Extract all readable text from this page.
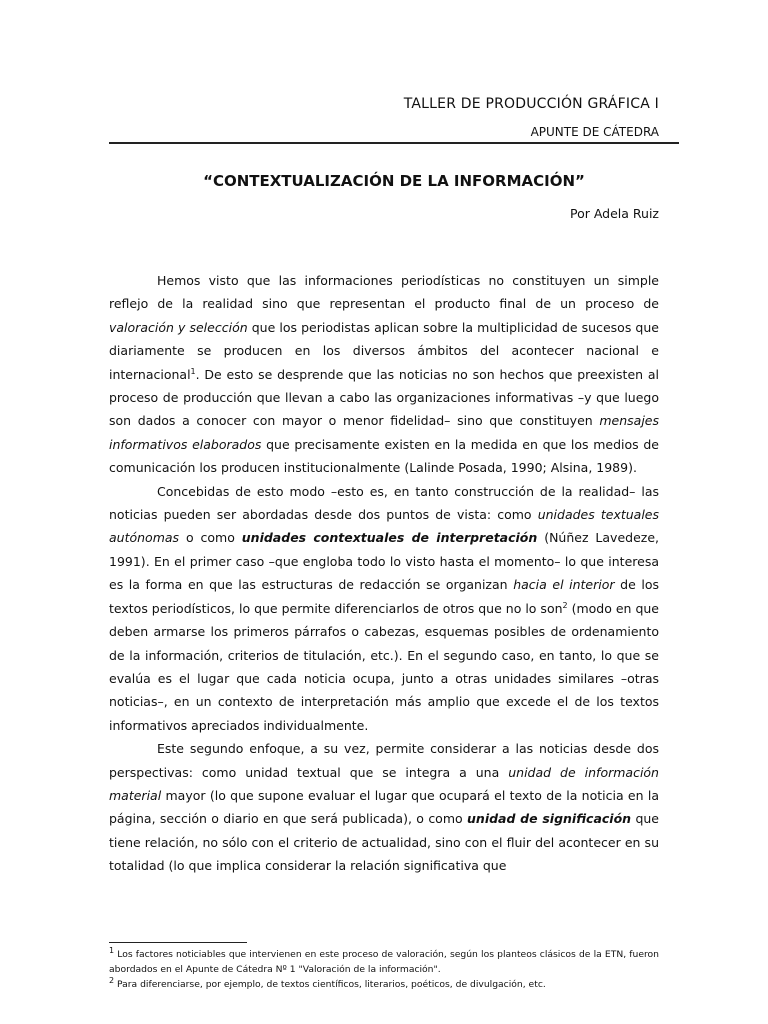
TALLER DE PRODUCCIÓN GRÁFICA I
APUNTE DE CÁTEDRA
“CONTEXTUALIZACIÓN DE LA INFORMACIÓN”
Por Adela Ruiz

Hemos visto que las informaciones periodísticas no constituyen un simple reflejo de la realidad sino que representan el producto final de un proceso de valoración y selección que los periodistas aplican sobre la multiplicidad de sucesos que diariamente se producen en los diversos ámbitos del acontecer nacional e internacional$^1$. De esto se desprende que las noticias no son hechos que preexisten al proceso de producción que llevan a cabo las organizaciones informativas –y que luego son dados a conocer con mayor o menor fidelidad– sino que constituyen mensajes informativos elaborados que precisamente existen en la medida en que los medios de comunicación los producen institucionalmente (Lalinde Posada, 1990; Alsina, 1989).

Concebidas de esto modo –esto es, en tanto construcción de la realidad– las noticias pueden ser abordadas desde dos puntos de vista: como unidades textuales autónomas o como unidades contextuales de interpretación (Núñez Lavedeze, 1991). En el primer caso –que engloba todo lo visto hasta el momento– lo que interesa es la forma en que las estructuras de redacción se organizan hacia el interior de los textos periodísticos, lo que permite diferenciarlos de otros que no lo son$^2$ (modo en que deben armarse los primeros párrafos o cabezas, esquemas posibles de ordenamiento de la información, criterios de titulación, etc.). En el segundo caso, en tanto, lo que se evalúa es el lugar que cada noticia ocupa, junto a otras unidades similares –otras noticias–, en un contexto de interpretación más amplio que excede el de los textos informativos apreciados individualmente.

Este segundo enfoque, a su vez, permite considerar a las noticias desde dos perspectivas: como unidad textual que se integra a una unidad de información material mayor (lo que supone evaluar el lugar que ocupará el texto de la noticia en la página, sección o diario en que será publicada), o como unidad de significación que tiene relación, no sólo con el criterio de actualidad, sino con el fluir del acontecer en su totalidad (lo que implica considerar la relación significativa que

$^1$ Los factores noticiables que intervienen en este proceso de valoración, según los planteos clásicos de la ETN, fueron abordados en el Apunte de Cátedra Nº 1 "Valoración de la información".

$^2$ Para diferenciarse, por ejemplo, de textos científicos, literarios, poéticos, de divulgación, etc.
